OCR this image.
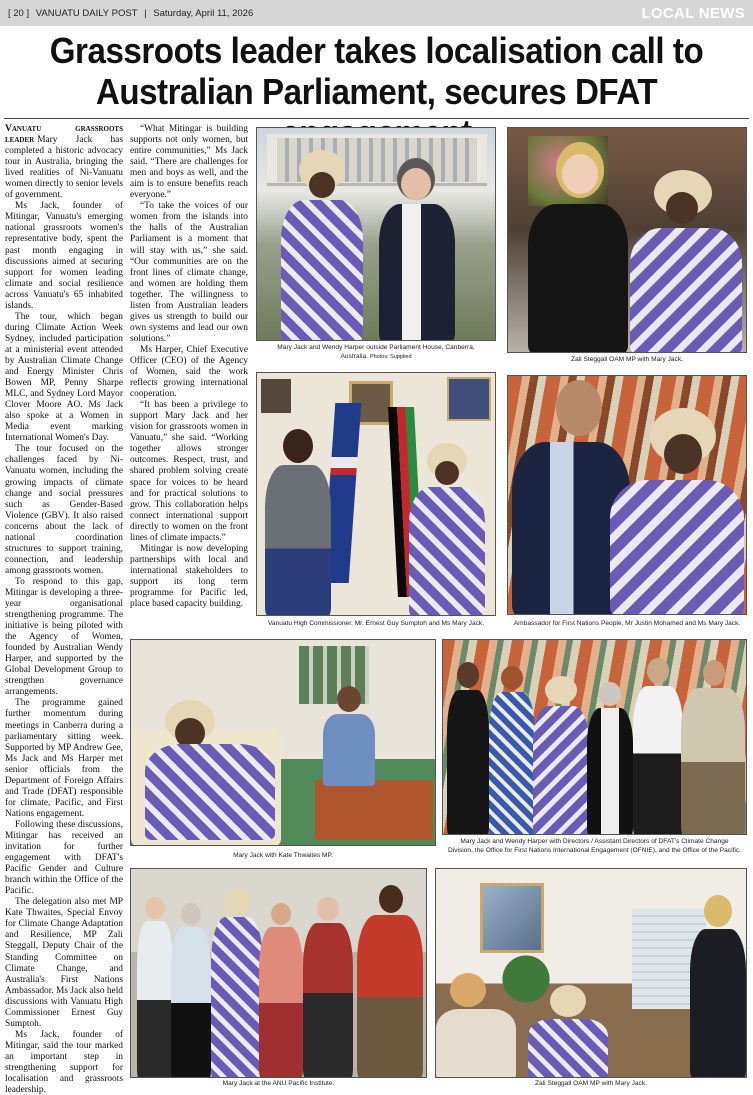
[ 20 ] VANUATU DAILY POST | Saturday, April 11, 2026	LOCAL NEWS
Grassroots leader takes localisation call to
Australian Parliament, secures DFAT

Vanuatu grassroots leader Mary Jack has completed a historic advocacy tour in Australia, bringing the lived realities of Ni-Vanuatu women directly to senior levels of government.

Ms Jack, founder of Mitingar, Vanuatu's emerging national grassroots women's representative body, spent the past month engaging in discussions aimed at securing support for women leading climate and social resilience across Vanuatu's 65 inhabited islands.

The tour, which began during Climate Action Week Sydney, included participation at a ministerial event attended by Australian Climate Change and Energy Minister Chris Bowen MP, Penny Sharpe MLC, and Sydney Lord Mayor Clover Moore AO. Ms Jack also spoke at a Women in Media event marking International Women's Day.

The tour focused on the challenges faced by Ni-Vanuatu women, including the growing impacts of climate change and social pressures such as Gender-Based Violence (GBV). It also raised concerns about the lack of national coordination structures to support training, connection, and leadership among grassroots women.

To respond to this gap, Mitingar is developing a three-year organisational strengthening programme. The initiative is being piloted with the Agency of Women, founded by Australian Wendy Harper, and supported by the Global Development Group to strengthen governance arrangements.

The programme gained further momentum during meetings in Canberra during a parliamentary sitting week. Supported by MP Andrew Gee, Ms Jack and Ms Harper met senior officials from the Department of Foreign Affairs and Trade (DFAT) responsible for climate, Pacific, and First Nations engagement.

Following these discussions, Mitingar has received an invitation for further engagement with DFAT's Pacific Gender and Culture branch within the Office of the Pacific.

The delegation also met MP Kate Thwaites, Special Envoy for Climate Change Adaptation and Resilience, MP Zali Steggall, Deputy Chair of the Standing Committee on Climate Change, and Australia's First Nations Ambassador. Ms Jack also held discussions with Vanuatu High Commissioner Ernest Guy Sumptoh.

Ms Jack, founder of Mitingar, said the tour marked an important step in strengthening support for localisation and grassroots leadership.

“What Mitingar is building supports not only women, but entire communities,” Ms Jack said. “There are challenges for men and boys as well, and the aim is to ensure benefits reach everyone.”

“To take the voices of our women from the islands into the halls of the Australian Parliament is a moment that will stay with us,” she said. “Our communities are on the front lines of climate change, and women are holding them together. The willingness to listen from Australian leaders gives us strength to build our own systems and lead our own solutions.”

Ms Harper, Chief Executive Officer (CEO) of the Agency of Women, said the work reflects growing international cooperation.

“It has been a privilege to support Mary Jack and her vision for grassroots women in Vanuatu,” she said. “Working together allows stronger outcomes. Respect, trust, and shared problem solving create space for voices to be heard and for practical solutions to grow. This collaboration helps connect international support directly to women on the front lines of climate impacts.”

Mitingar is now developing partnerships with local and international stakeholders to support its long term programme for Pacific led, place based capacity building.

Mary Jack and Wendy Harper outside Parliament House, Canberra, Australia. Photos: Supplied	Zali Steggall OAM MP with Mary Jack.
Vanuatu High Commissioner, Mr. Ernest Guy Sumptoh and Ms Mary Jack.	Ambassador for First Nations People, Mr Justin Mohamed and Ms Mary Jack.
Mary Jack with Kate Thwaites MP.
Mary Jack and Wendy Harper with Directors / Assistant Directors of DFAT's Climate Change Division, the Office for First Nations International Engagement (OFNIE), and the Office of the Pacific.
Mary Jack at the ANU Pacific Institute.	Zali Steggall OAM MP with Mary Jack.
